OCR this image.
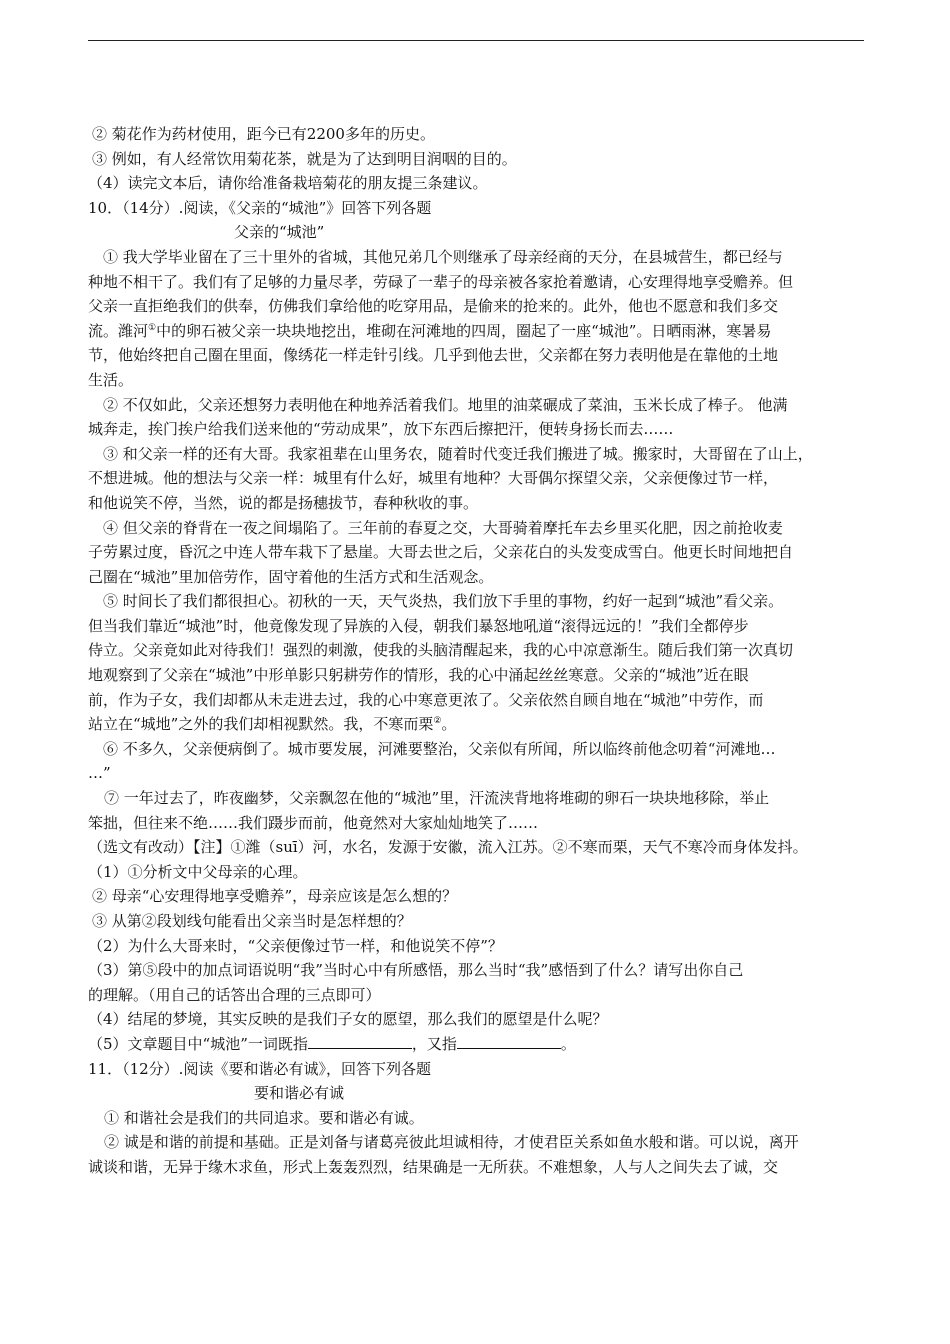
② 菊花作为药材使用，距今已有2200多年的历史。
③ 例如，有人经常饮用菊花茶，就是为了达到明目润咽的目的。
（4）读完文本后，请你给准备栽培菊花的朋友提三条建议。
10．（14分）.阅读，《父亲的“城池”》回答下列各题
父亲的“城池”
① 我大学毕业留在了三十里外的省城，其他兄弟几个则继承了母亲经商的天分，在县城营生，都已经与
种地不相干了。我们有了足够的力量尽孝，劳碌了一辈子的母亲被各家抢着邀请，心安理得地享受赡养。但
父亲一直拒绝我们的供奉，仿佛我们拿给他的吃穿用品，是偷来的抢来的。此外，他也不愿意和我们多交
流。潍河①中的卵石被父亲一块块地挖出，堆砌在河滩地的四周，圈起了一座“城池”。日晒雨淋，寒暑易
节，他始终把自己圈在里面，像绣花一样走针引线。几乎到他去世，父亲都在努力表明他是在靠他的土地
生活。
② 不仅如此，父亲还想努力表明他在种地养活着我们。地里的油菜碾成了菜油，玉米长成了棒子。 他满
城奔走，挨门挨户给我们送来他的“劳动成果”，放下东西后擦把汗，便转身扬长而去……
③ 和父亲一样的还有大哥。我家祖辈在山里务农，随着时代变迁我们搬进了城。搬家时，大哥留在了山上，
不想进城。他的想法与父亲一样：城里有什么好，城里有地种？大哥偶尔探望父亲，父亲便像过节一样，
和他说笑不停，当然，说的都是扬穗拔节，春种秋收的事。
④ 但父亲的脊背在一夜之间塌陷了。三年前的春夏之交，大哥骑着摩托车去乡里买化肥，因之前抢收麦
子劳累过度，昏沉之中连人带车栽下了悬崖。大哥去世之后，父亲花白的头发变成雪白。他更长时间地把自
己圈在“城池”里加倍劳作，固守着他的生活方式和生活观念。
⑤ 时间长了我们都很担心。初秋的一天，天气炎热，我们放下手里的事物，约好一起到“城池”看父亲。
但当我们靠近“城池”时，他竟像发现了异族的入侵，朝我们暴怒地吼道“滚得远远的！”我们全都停步
侍立。父亲竟如此对待我们！强烈的刺激，使我的头脑清醒起来，我的心中凉意渐生。随后我们第一次真切
地观察到了父亲在“城池”中形单影只躬耕劳作的情形，我的心中涌起丝丝寒意。父亲的“城池”近在眼
前，作为子女，我们却都从未走进去过，我的心中寒意更浓了。父亲依然自顾自地在“城池”中劳作，而
站立在“城地”之外的我们却相视默然。我，不寒而栗②。
⑥ 不多久，父亲便病倒了。城市要发展，河滩要整治，父亲似有所闻，所以临终前他念叨着“河滩地…
…”
⑦ 一年过去了，昨夜幽梦，父亲飘忽在他的“城池”里，汗流浃背地将堆砌的卵石一块块地移除，举止
笨拙，但往来不绝……我们蹑步而前，他竟然对大家灿灿地笑了……
（选文有改动）【注】①潍（suī）河，水名，发源于安徽，流入江苏。②不寒而栗，天气不寒冷而身体发抖。
（1）①分析文中父母亲的心理。
② 母亲“心安理得地享受赡养”，母亲应该是怎么想的？
③ 从第②段划线句能看出父亲当时是怎样想的？
（2）为什么大哥来时，“父亲便像过节一样，和他说笑不停”？
（3）第⑤段中的加点词语说明“我”当时心中有所感悟，那么当时“我”感悟到了什么？请写出你自己
的理解。（用自己的话答出合理的三点即可）
（4）结尾的梦境，其实反映的是我们子女的愿望，那么我们的愿望是什么呢？
（5）文章题目中“城池”一词既指	，又指	。
11．（12分）.阅读《要和谐必有诚》，回答下列各题
要和谐必有诚
① 和谐社会是我们的共同追求。要和谐必有诚。
② 诚是和谐的前提和基础。正是刘备与诸葛亮彼此坦诚相待，才使君臣关系如鱼水般和谐。可以说，离开
诚谈和谐，无异于缘木求鱼，形式上轰轰烈烈，结果确是一无所获。不难想象，人与人之间失去了诚，交
